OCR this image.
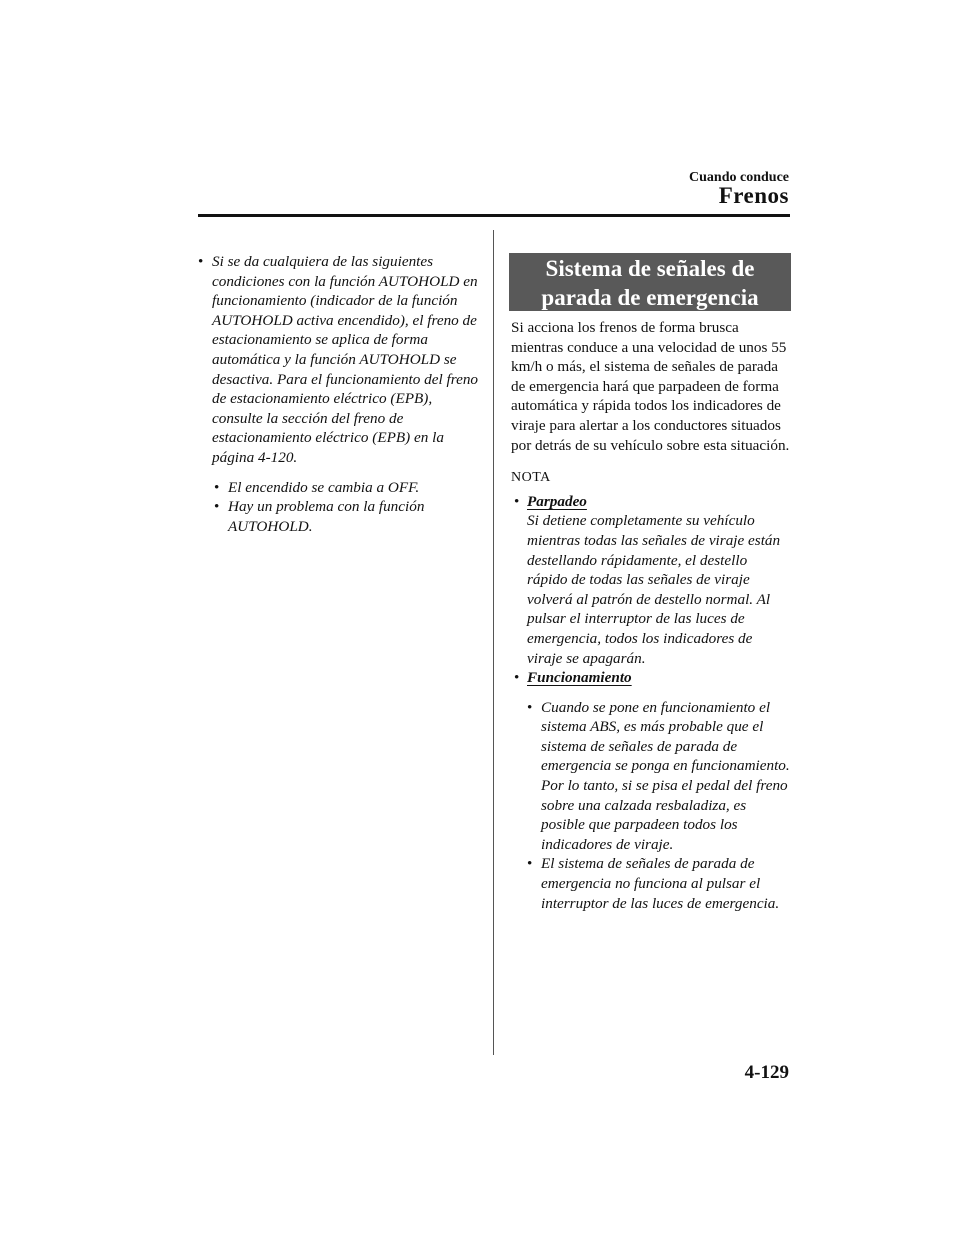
Cuando conduce
Frenos
• Si se da cualquiera de las siguientes condiciones con la función AUTOHOLD en funcionamiento (indicador de la función AUTOHOLD activa encendido), el freno de estacionamiento se aplica de forma automática y la función AUTOHOLD se desactiva. Para el funcionamiento del freno de estacionamiento eléctrico (EPB), consulte la sección del freno de estacionamiento eléctrico (EPB) en la página 4-120.
• El encendido se cambia a OFF.
• Hay un problema con la función AUTOHOLD.
Sistema de señales de
parada de emergencia

Si acciona los frenos de forma brusca mientras conduce a una velocidad de unos 55 km/h o más, el sistema de señales de parada de emergencia hará que parpadeen de forma automática y rápida todos los indicadores de viraje para alertar a los conductores situados por detrás de su vehículo sobre esta situación.

NOTA
• Parpadeo
Si detiene completamente su vehículo mientras todas las señales de viraje están destellando rápidamente, el destello rápido de todas las señales de viraje volverá al patrón de destello normal. Al pulsar el interruptor de las luces de emergencia, todos los indicadores de viraje se apagarán.
• Funcionamiento
• Cuando se pone en funcionamiento el sistema ABS, es más probable que el sistema de señales de parada de emergencia se ponga en funcionamiento. Por lo tanto, si se pisa el pedal del freno sobre una calzada resbaladiza, es posible que parpadeen todos los indicadores de viraje.
• El sistema de señales de parada de emergencia no funciona al pulsar el interruptor de las luces de emergencia.
4-129
